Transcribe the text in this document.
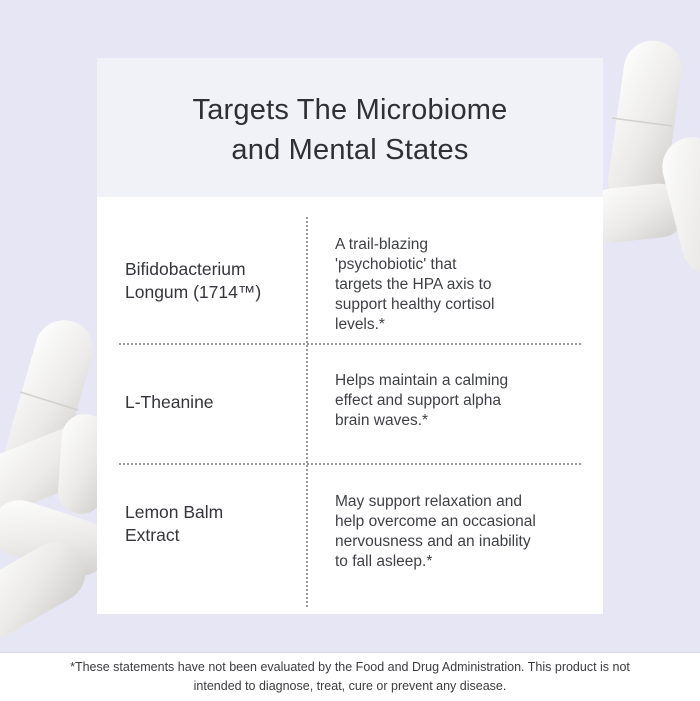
Targets The Microbiome
and Mental States

Bifidobacterium
Longum (1714™)

A trail-blazing
'psychobiotic' that
targets the HPA axis to
support healthy cortisol
levels.*

L-Theanine

Helps maintain a calming
effect and support alpha
brain waves.*

Lemon Balm
Extract

May support relaxation and
help overcome an occasional
nervousness and an inability
to fall asleep.*

*These statements have not been evaluated by the Food and Drug Administration. This product is not
intended to diagnose, treat, cure or prevent any disease.
